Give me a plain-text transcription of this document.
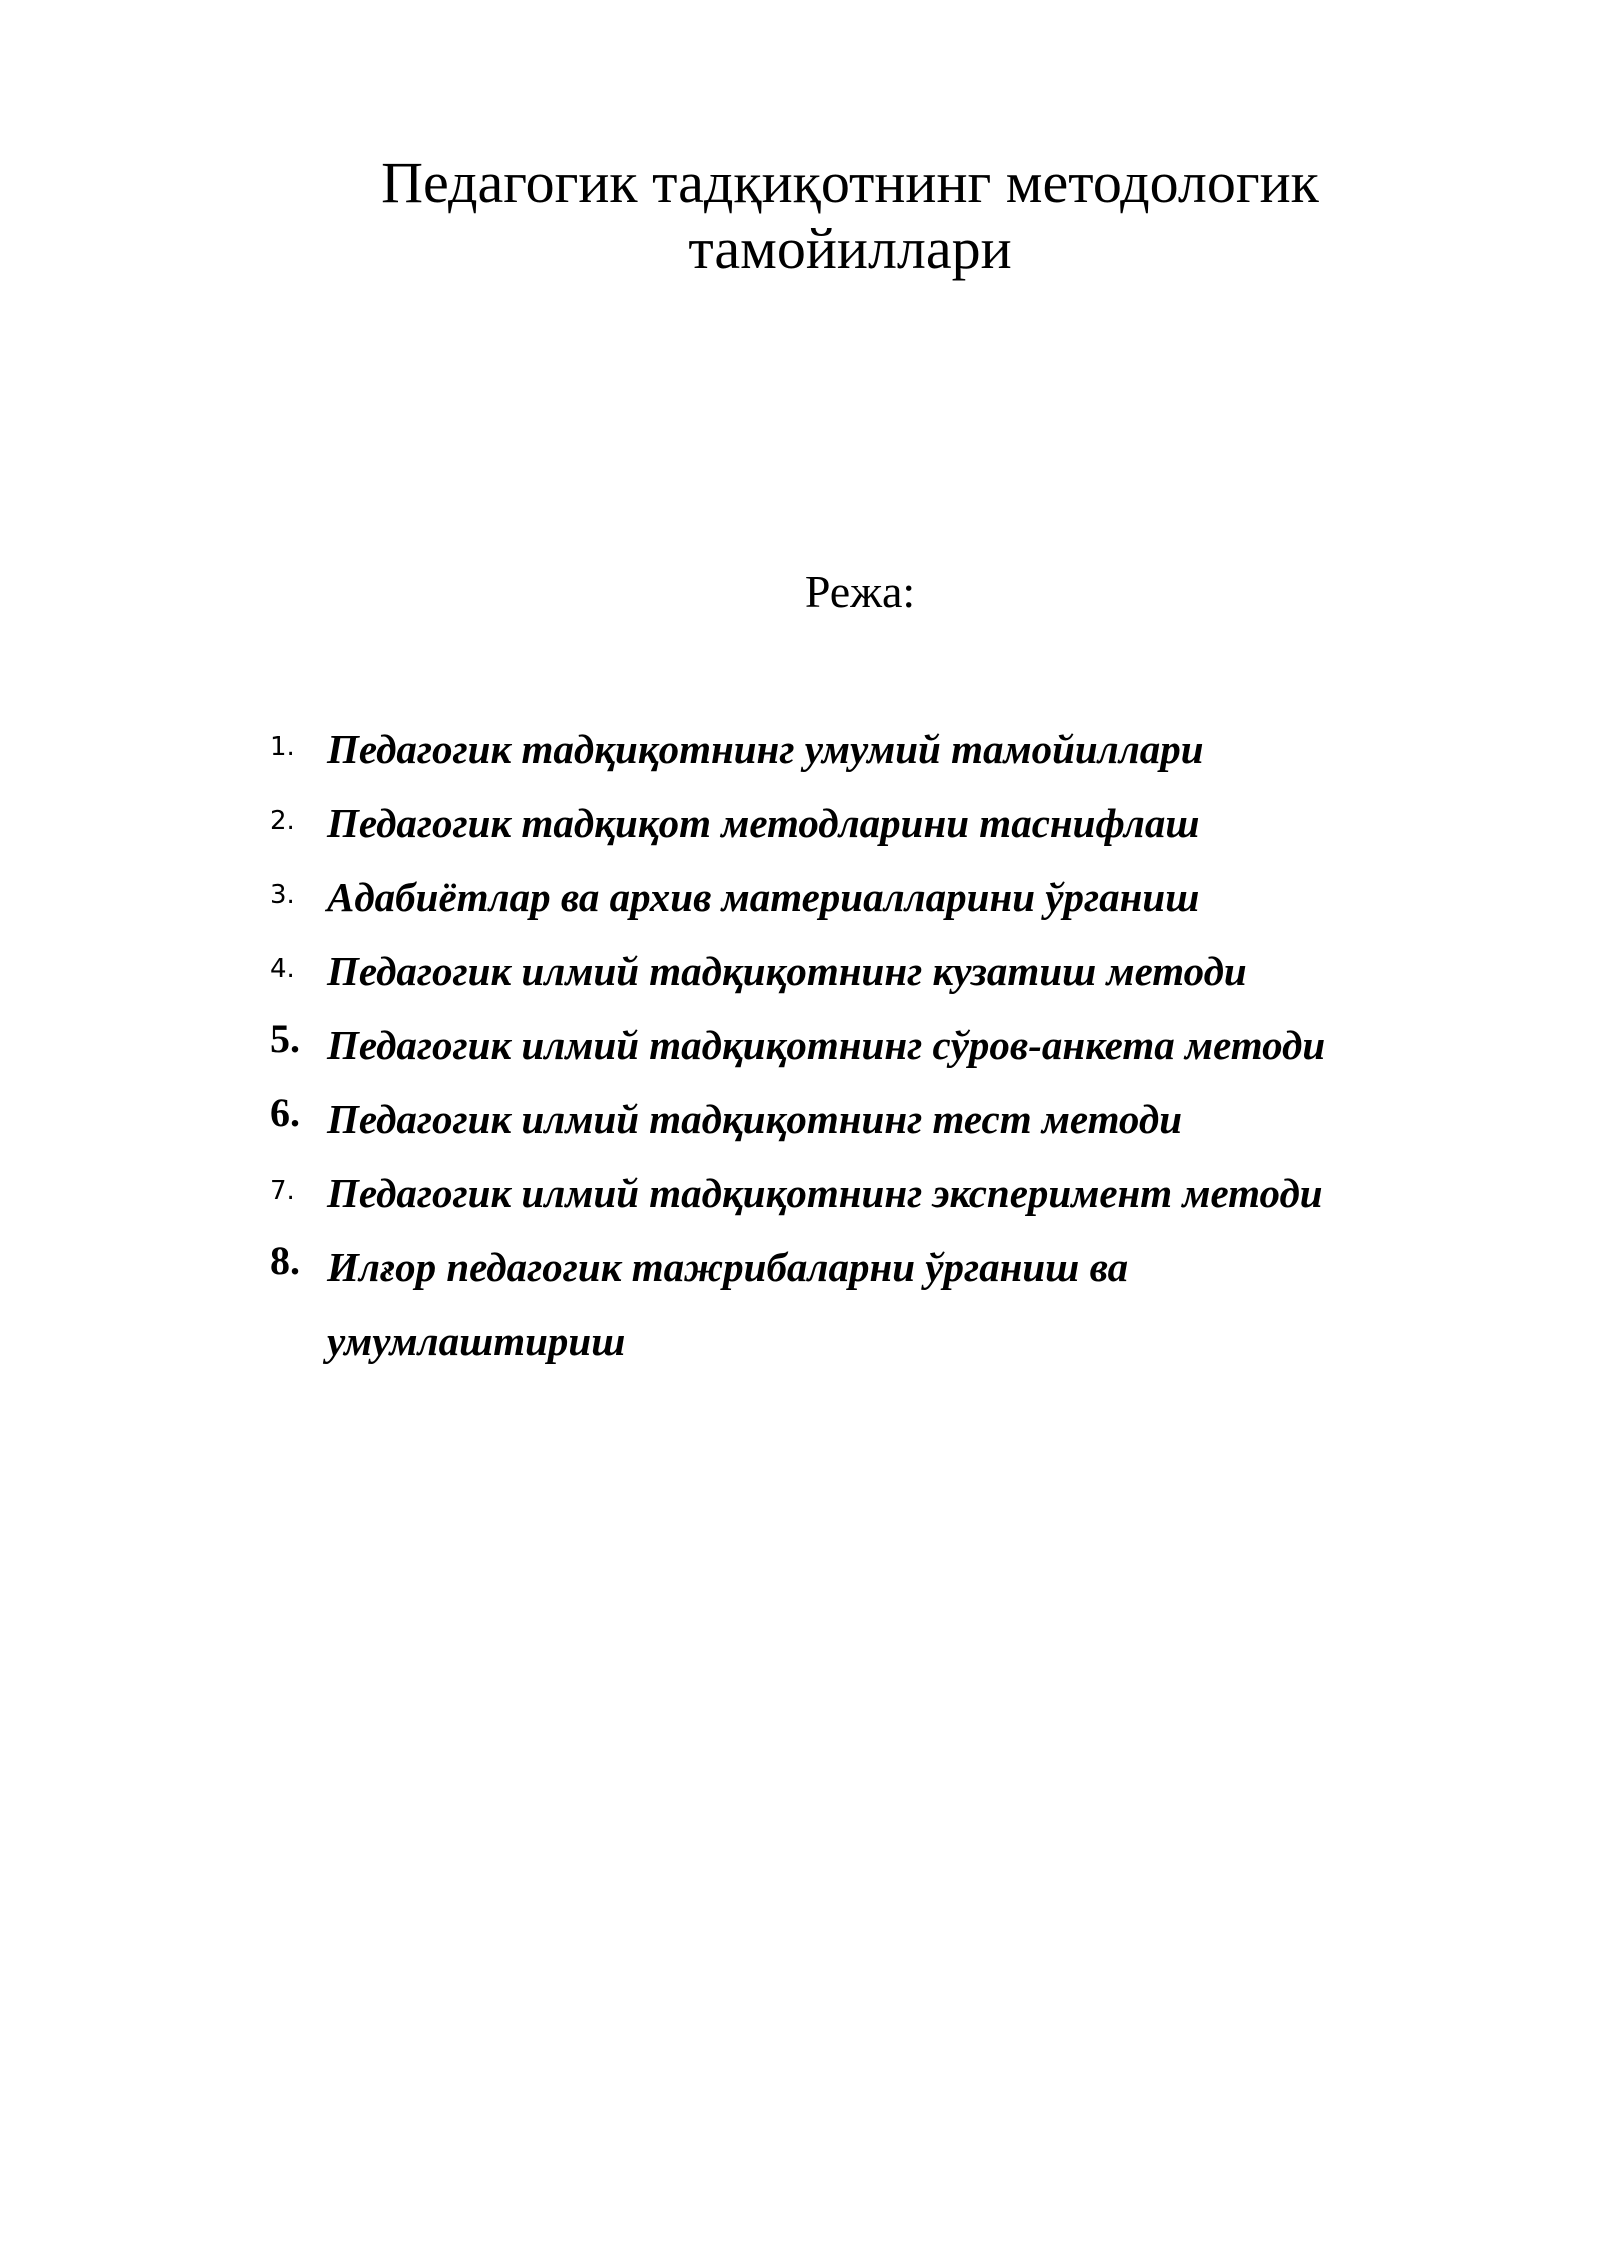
Педагогик тадқиқотнинг методологик
тамойиллари
Режа:
1. Педагогик тадқиқотнинг умумий тамойиллари
2. Педагогик тадқиқот методларини таснифлаш
3. Адабиётлар ва архив материалларини ўрганиш
4. Педагогик илмий тадқиқотнинг кузатиш методи
5. Педагогик илмий тадқиқотнинг сўров-анкета методи
6. Педагогик илмий тадқиқотнинг тест методи
7. Педагогик илмий тадқиқотнинг эксперимент методи
8. Илғор педагогик тажрибаларни ўрганиш ва умумлаштириш
